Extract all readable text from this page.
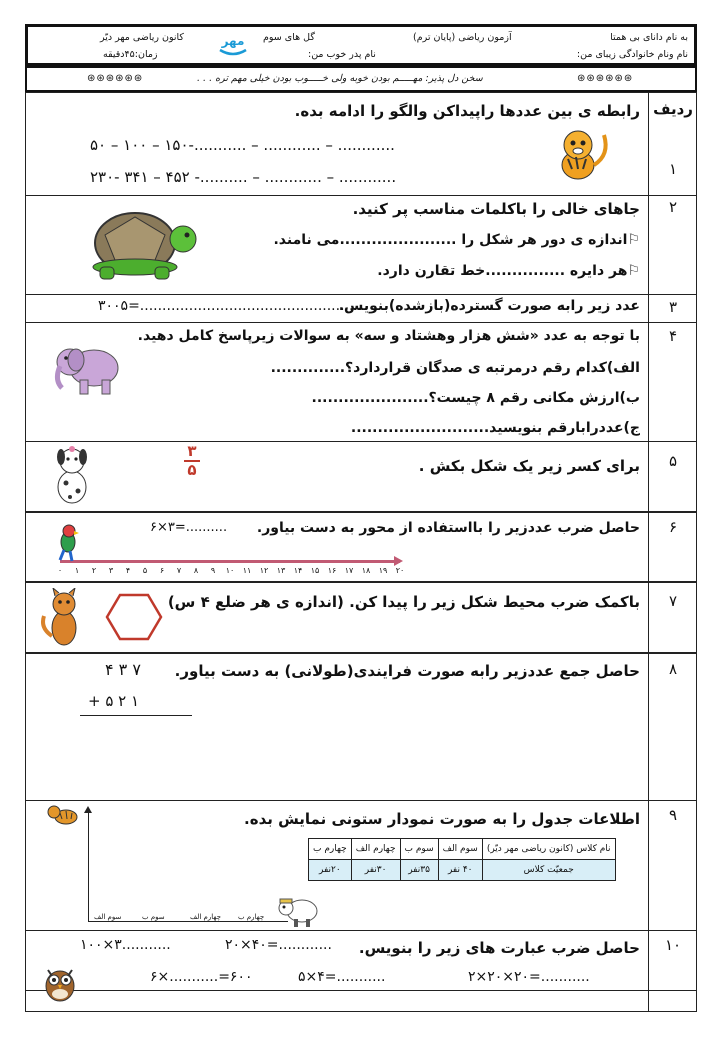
به نام دانای بی همتا
آزمون ریاضی (پایان ترم)
گل های سوم
کانون ریاضی مهر دیّر
نام ونام خانوادگی زیبای من:
نام پدر خوب من:
زمان:۴۵دقیقه
مهر
⊛⊛⊛⊛⊛⊛	سخن دل پذیر: مهـــــم بودن خوبه ولی خـــــوب بودن خیلی مهم تره . . .	⊛⊛⊛⊛⊛⊛
ردیف
۱
رابطه ی بین عددها راپیداکن والگو را ادامه بده.
۵۰ – ۱۰۰ – ۱۵۰-........... – ............ – ............
۲۳۰- ۳۴۱ – ۴۵۲ -.......... – ............ – ............
۲
جاهای خالی را باکلمات مناسب پر کنید.
⚐اندازه ی دور هر شکل را ......................می نامند.
⚐هر دایره ...............خط تقارن دارد.
۳
عدد زیر رابه صورت گسترده(بازشده)بنویس.
۳۰۰۵=..................................................
۴
با توجه به عدد «شش هزار وهشتاد و سه» به سوالات زیرپاسخ کامل دهید.
الف)کدام رقم درمرتبه ی صدگان قراردارد؟..............
ب)ارزش مکانی رقم ۸ چیست؟......................
ج)عددرابارقم بنویسید..........................
۵
برای کسر زیر یک شکل بکش .
۳
۵
۶
حاصل ضرب عددزیر را بااستفاده از محور به دست بیاور.
۶×۳=..........
۰ ۱ ۲ ۳ ۴ ۵ ۶ ۷ ۸ ۹ ۱۰ ۱۱ ۱۲ ۱۳ ۱۴ ۱۵ ۱۶ ۱۷ ۱۸ ۱۹ ۲۰
۷
باکمک ضرب محیط شکل زیر را پیدا کن. (اندازه ی هر ضلع ۴ س)
۸
حاصل جمع عددزیر رابه صورت فرایندی(طولانی) به دست بیاور.
۴ ۳ ۷
+ ۵ ۲ ۱
۹
اطلاعات جدول را به صورت نمودار ستونی نمایش بده.
نام کلاس (کانون ریاضی مهر دیّر)	سوم الف	سوم ب	چهارم الف	چهارم ب
جمعیّت کلاس	۴۰ نفر	۳۵نفر	۳۰نفر	۲۰نفر
سوم الف	سوم ب	چهارم الف چهارم ب
۱۰
حاصل ضرب عبارت های زیر را بنویس.
۱۰۰×۳...........	۲۰×۴۰=............
۶×...........=۶۰۰	۵×۴=...........	۲×۲۰×۲۰=...........
